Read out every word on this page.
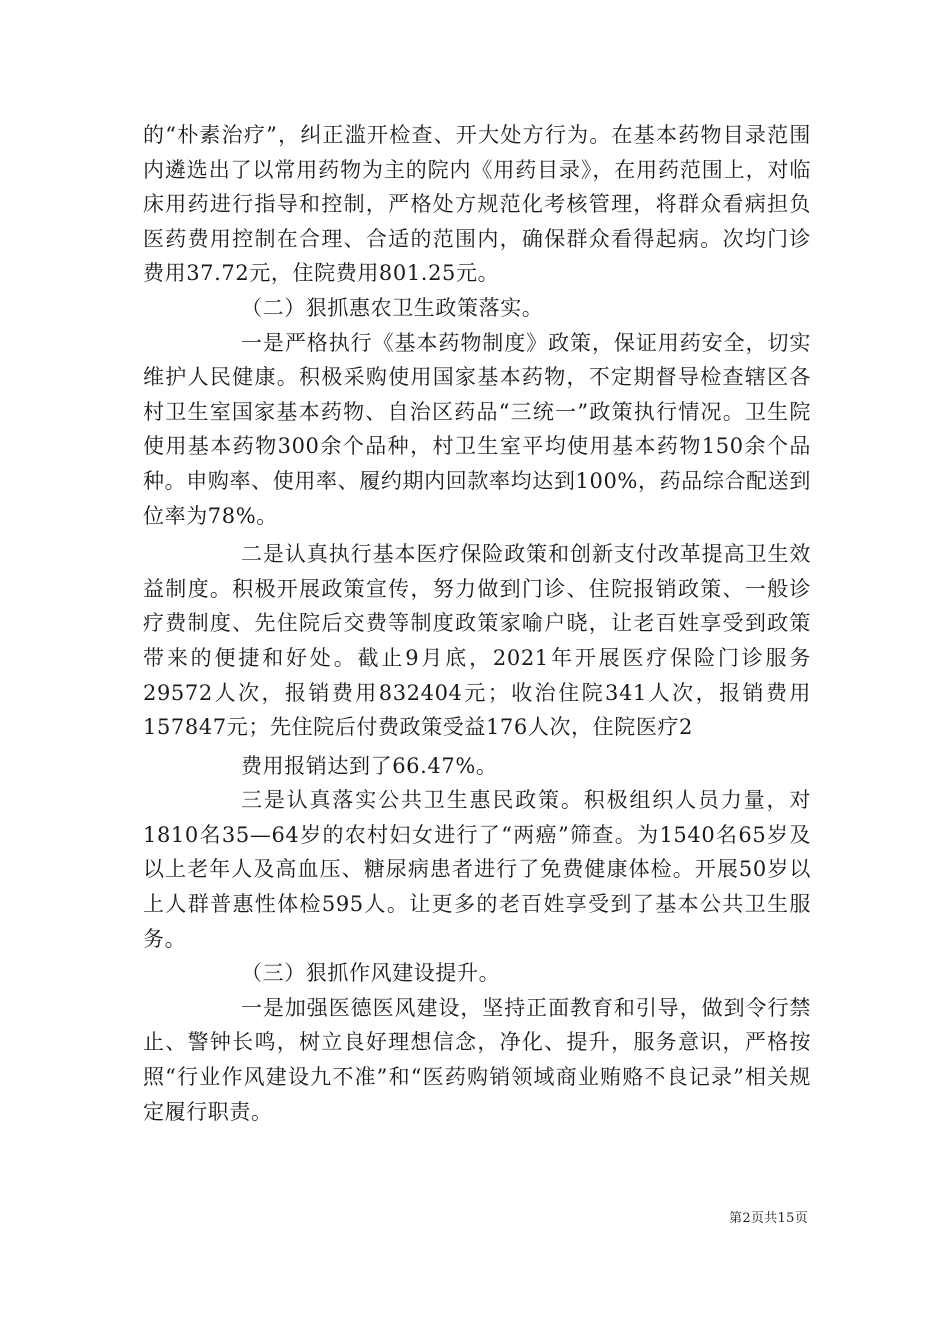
的“朴素治疗”，纠正滥开检查、开大处方行为。在基本药物目录范围内遴选出了以常用药物为主的院内《用药目录》，在用药范围上，对临床用药进行指导和控制，严格处方规范化考核管理，将群众看病担负医药费用控制在合理、合适的范围内，确保群众看得起病。次均门诊费用37.72元，住院费用801.25元。

（二）狠抓惠农卫生政策落实。

一是严格执行《基本药物制度》政策，保证用药安全，切实维护人民健康。积极采购使用国家基本药物，不定期督导检查辖区各村卫生室国家基本药物、自治区药品“三统一”政策执行情况。卫生院使用基本药物300余个品种，村卫生室平均使用基本药物150余个品种。申购率、使用率、履约期内回款率均达到100%，药品综合配送到位率为78%。

二是认真执行基本医疗保险政策和创新支付改革提高卫生效益制度。积极开展政策宣传，努力做到门诊、住院报销政策、一般诊疗费制度、先住院后交费等制度政策家喻户晓，让老百姓享受到政策带来的便捷和好处。截止9月底，2021年开展医疗保险门诊服务29572人次，报销费用832404元；收治住院341人次，报销费用157847元；先住院后付费政策受益176人次，住院医疗2

费用报销达到了66.47%。

三是认真落实公共卫生惠民政策。积极组织人员力量，对1810名35—64岁的农村妇女进行了“两癌”筛查。为1540名65岁及以上老年人及高血压、糖尿病患者进行了免费健康体检。开展50岁以上人群普惠性体检595人。让更多的老百姓享受到了基本公共卫生服务。

（三）狠抓作风建设提升。

一是加强医德医风建设，坚持正面教育和引导，做到令行禁止、警钟长鸣，树立良好理想信念，净化、提升，服务意识，严格按照“行业作风建设九不准”和“医药购销领域商业贿赂不良记录”相关规定履行职责。

第2页共15页
